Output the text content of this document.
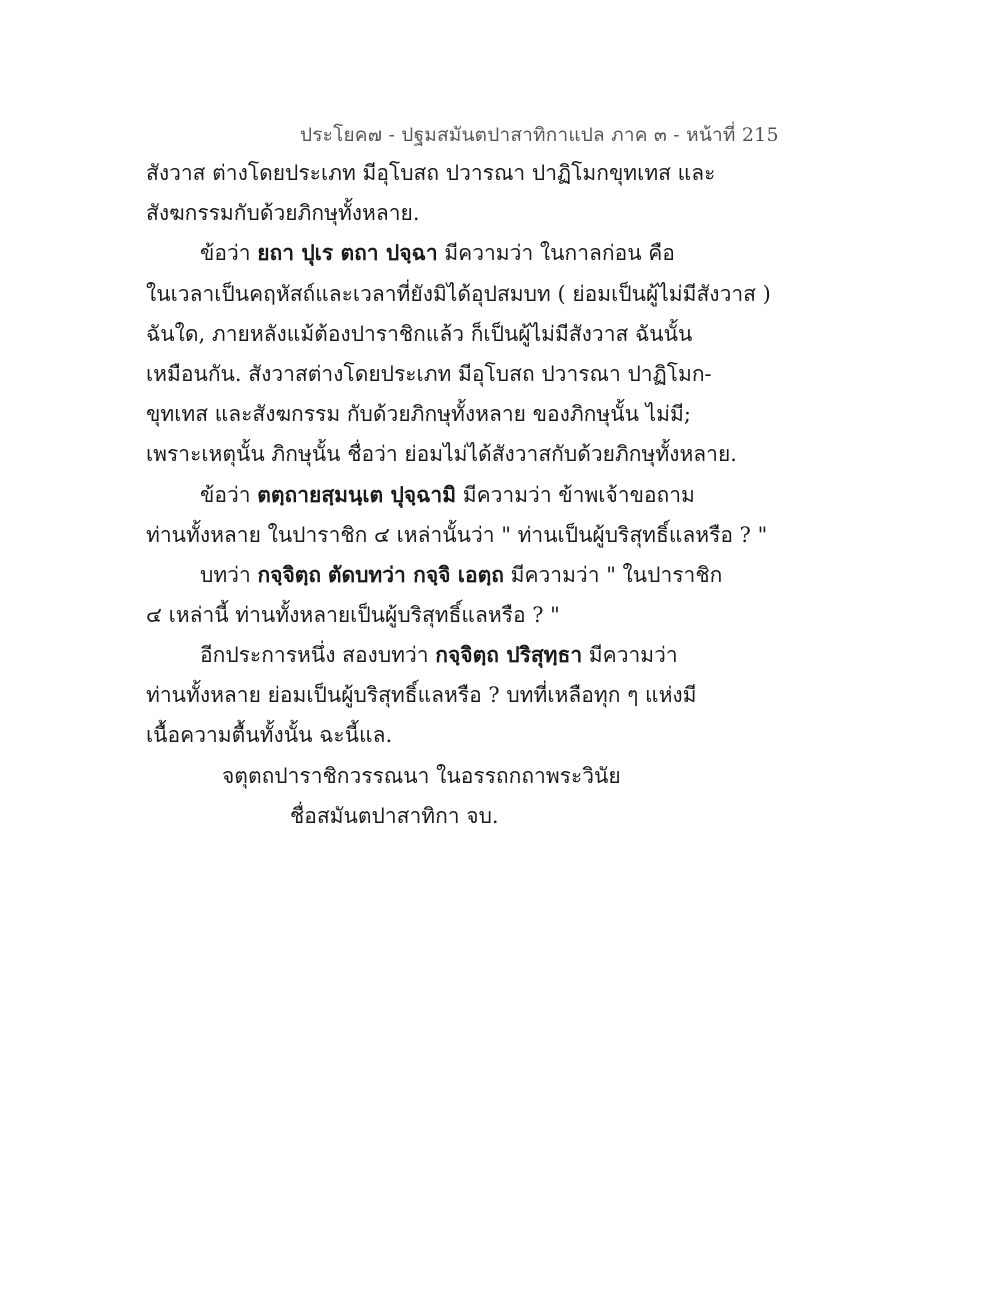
ประโยค๗ - ปฐมสมันตปาสาทิกาแปล ภาค ๓ - หน้าที่ 215
สังวาส ต่างโดยประเภท มีอุโบสถ ปวารณา ปาฏิโมกขุทเทส และ
สังฆกรรมกับด้วยภิกษุทั้งหลาย.
ข้อว่า ยถา ปุเร ตถา ปจฺฉา มีความว่า ในกาลก่อน คือ
ในเวลาเป็นคฤหัสถ์และเวลาที่ยังมิได้อุปสมบท ( ย่อมเป็นผู้ไม่มีสังวาส )
ฉันใด, ภายหลังแม้ต้องปาราชิกแล้ว ก็เป็นผู้ไม่มีสังวาส ฉันนั้น
เหมือนกัน. สังวาสต่างโดยประเภท มีอุโบสถ ปวารณา ปาฏิโมก-
ขุทเทส และสังฆกรรม กับด้วยภิกษุทั้งหลาย ของภิกษุนั้น ไม่มี;
เพราะเหตุนั้น ภิกษุนั้น ชื่อว่า ย่อมไม่ได้สังวาสกับด้วยภิกษุทั้งหลาย.
ข้อว่า ตตฺถายสฺมนฺเต ปุจฺฉามิ มีความว่า ข้าพเจ้าขอถาม
ท่านทั้งหลาย ในปาราชิก ๔ เหล่านั้นว่า " ท่านเป็นผู้บริสุทธิ์แลหรือ ? "
บทว่า กจฺจิตฺถ ตัดบทว่า กจฺจิ เอตฺถ มีความว่า " ในปาราชิก
๔ เหล่านี้ ท่านทั้งหลายเป็นผู้บริสุทธิ์แลหรือ ? "
อีกประการหนึ่ง สองบทว่า กจฺจิตฺถ ปริสุทฺธา มีความว่า
ท่านทั้งหลาย ย่อมเป็นผู้บริสุทธิ์แลหรือ ? บทที่เหลือทุก ๆ แห่งมี
เนื้อความตื้นทั้งนั้น ฉะนี้แล.
จตุตถปาราชิกวรรณนา ในอรรถกถาพระวินัย
ชื่อสมันตปาสาทิกา จบ.
